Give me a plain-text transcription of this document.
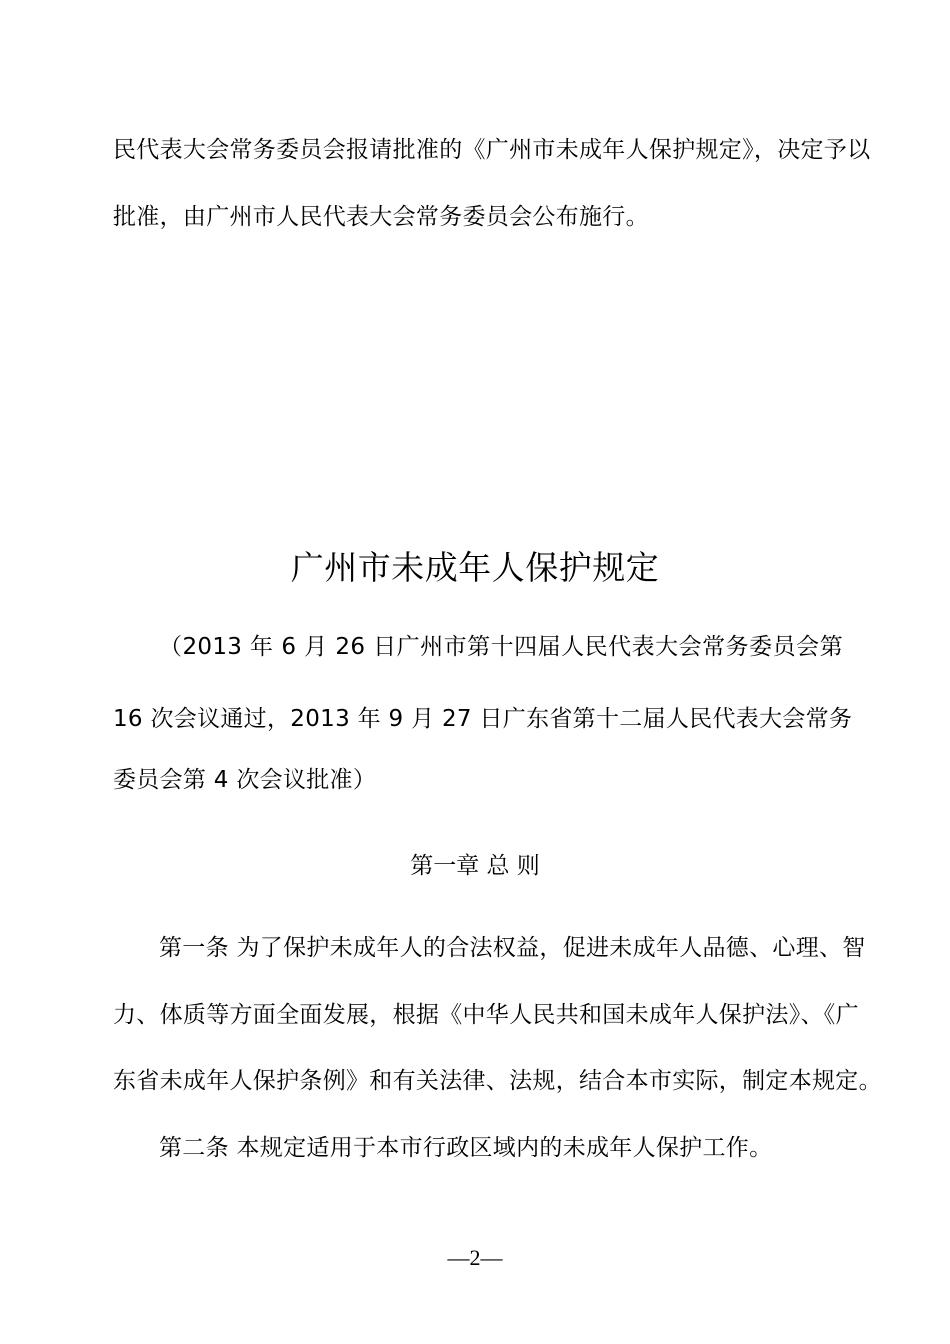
民代表大会常务委员会报请批准的《广州市未成年人保护规定》，决定予以
批准，由广州市人民代表大会常务委员会公布施行。
广州市未成年人保护规定
（2013 年 6 月 26 日广州市第十四届人民代表大会常务委员会第
16 次会议通过，2013 年 9 月 27 日广东省第十二届人民代表大会常务
委员会第 4 次会议批准）
第一章 总 则
第一条 为了保护未成年人的合法权益，促进未成年人品德、心理、智
力、体质等方面全面发展，根据《中华人民共和国未成年人保护法》、《广
东省未成年人保护条例》和有关法律、法规，结合本市实际，制定本规定。
第二条 本规定适用于本市行政区域内的未成年人保护工作。
—2—
